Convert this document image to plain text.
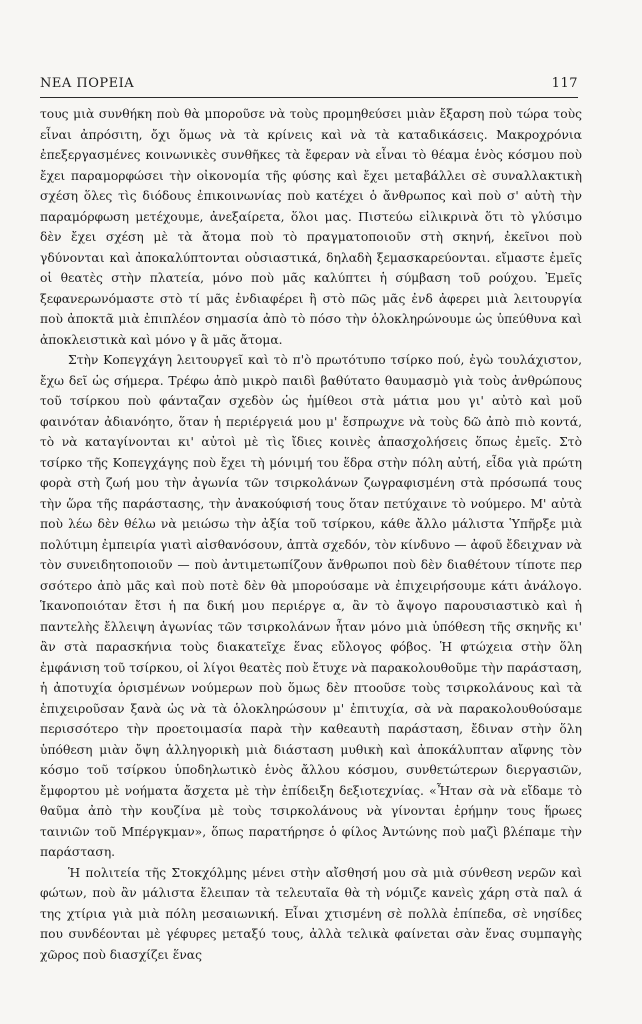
ΝΕΑ ΠΟΡΕΙΑ	117

τους μιὰ συνθήκη ποὺ θὰ μποροῦσε νὰ τοὺς προμηθεύσει μιὰν ἔξαρση ποὺ τώρα τοὺς εἶναι ἀπρόσιτη, ὄχι ὅμως νὰ τὰ κρίνεις καὶ νὰ τὰ καταδικάσεις. Μακροχρόνια ἐπεξεργασμένες κοινωνικὲς συνθῆκες τὰ ἔφεραν νὰ εἶναι τὸ θέαμα ἑνὸς κόσμου ποὺ ἔχει παραμορφώσει τὴν οἰκονομία τῆς φύσης καὶ ἔχει μεταβάλλει σὲ συναλλακτικὴ σχέση ὅλες τὶς διόδους ἐπικοινωνίας ποὺ κατέχει ὁ ἄνθρωπος καὶ ποὺ σ' αὐτὴ τὴν παραμόρφωση μετέχουμε, ἀνεξαίρετα, ὅλοι μας. Πιστεύω εἰλικρινὰ ὅτι τὸ γλύσιμο δὲν ἔχει σχέση μὲ τὰ ἄτομα ποὺ τὸ πραγματοποιοῦν στὴ σκηνή, ἐκεῖνοι ποὺ γδύνονται καὶ ἀποκαλύπτονται οὐσιαστικά, δηλαδὴ ξεμασκαρεύονται. εἴμαστε ἐμεῖς οἱ θεατὲς στὴν πλατεία, μόνο ποὺ μᾶς καλύπτει ἡ σύμβαση τοῦ ρούχου. Ἐμεῖς ξεφανερωνόμαστε στὸ τί μᾶς ἐνδιαφέρει ἢ στὸ πῶς μᾶς ἐνδ ἀφερει μιὰ λειτουργία ποὺ ἀποκτᾶ μιὰ ἐπιπλέον σημασία ἀπὸ τὸ πόσο τὴν ὁλοκληρώνουμε ὡς ὑπεύθυνα καὶ ἀποκλειστικὰ καὶ μόνο γ ἃ μᾶς ἄτομα.

Στὴν Κοπεγχάγη λειτουργεῖ καὶ τὸ π'ὸ πρωτότυπο τσίρκο πού, ἐγὼ τουλάχιστον, ἔχω δεῖ ὡς σήμερα. Τρέφω ἀπὸ μικρὸ παιδὶ βαθύτατο θαυμασμὸ γιὰ τοὺς ἀνθρώπους τοῦ τσίρκου ποὺ φάνταζαν σχεδὸν ὡς ἡμίθεοι στὰ μάτια μου γι' αὐτὸ καὶ μοῦ φαινόταν ἀδιανόητο, ὅταν ἡ περιέργειά μου μ' ἔσπρωχνε νὰ τοὺς δῶ ἀπὸ πιὸ κοντά, τὸ νὰ καταγίνονται κι' αὐτοὶ μὲ τὶς ἴδιες κοινὲς ἀπασχολήσεις ὅπως ἐμεῖς. Στὸ τσίρκο τῆς Κοπεγχάγης ποὺ ἔχει τὴ μόνιμή του ἕδρα στὴν πόλη αὐτή, εἶδα γιὰ πρώτη φορὰ στὴ ζωή μου τὴν ἀγωνία τῶν τσιρκολάνων ζωγραφισμένη στὰ πρόσωπά τους τὴν ὥρα τῆς παράστασης, τὴν ἀνακούφισή τους ὅταν πετύχαινε τὸ νούμερο. Μ' αὐτὰ ποὺ λέω δὲν θέλω νὰ μειώσω τὴν ἀξία τοῦ τσίρκου, κάθε ἄλλο μάλιστα Ὑπῆρξε μιὰ πολύτιμη ἐμπειρία γιατὶ αἰσθανόσουν, ἀπτὰ σχεδόν, τὸν κίνδυνο — ἀφοῦ ἔδειχναν νὰ τὸν συνειδητοποιοῦν — ποὺ ἀντιμετωπίζουν ἄνθρωποι ποὺ δὲν διαθέτουν τίποτε περ σσότερο ἀπὸ μᾶς καὶ ποὺ ποτὲ δὲν θὰ μπορούσαμε νὰ ἐπιχειρήσουμε κάτι ἀνάλογο. Ἱκανοποιόταν ἔτσι ἡ πα δική μου περιέργε α, ἂν τὸ ἄψογο παρουσιαστικὸ καὶ ἡ παντελὴς ἔλλειψη ἀγωνίας τῶν τσιρκολάνων ἦταν μόνο μιὰ ὑπόθεση τῆς σκηνῆς κι' ἂν στὰ παρασκήνια τοὺς διακατεῖχε ἕνας εὔλογος φόβος. Ἡ φτώχεια στὴν ὅλη ἐμφάνιση τοῦ τσίρκου, οἱ λίγοι θεατὲς ποὺ ἔτυχε νὰ παρακολουθοῦμε τὴν παράσταση, ἡ ἀποτυχία ὁρισμένων νούμερων ποὺ ὅμως δὲν πτοοῦσε τοὺς τσιρκολάνους καὶ τὰ ἐπιχειροῦσαν ξανὰ ὡς νὰ τὰ ὁλοκληρώσουν μ' ἐπιτυχία, σὰ νὰ παρακολουθούσαμε περισσότερο τὴν προετοιμασία παρὰ τὴν καθεαυτὴ παράσταση, ἔδιναν στὴν ὅλη ὑπόθεση μιὰν ὄψη ἀλληγορικὴ μιὰ διάσταση μυθικὴ καὶ ἀποκάλυπταν αἴφνης τὸν κόσμο τοῦ τσίρκου ὑποδηλωτικὸ ἑνὸς ἄλλου κόσμου, συνθετώτερων διεργασιῶν, ἔμφορτου μὲ νοήματα ἄσχετα μὲ τὴν ἐπίδειξη δεξιοτεχνίας. «Ἦταν σὰ νὰ εἴδαμε τὸ θαῦμα ἀπὸ τὴν κουζίνα μὲ τοὺς τσιρκολάνους νὰ γίνονται ἐρήμην τους ἥρωες ταινιῶν τοῦ Μπέργκμαν», ὅπως παρατήρησε ὁ φίλος Ἀντώνης ποὺ μαζὶ βλέπαμε τὴν παράσταση.

Ἡ πολιτεία τῆς Στοκχόλμης μένει στὴν αἴσθησή μου σὰ μιὰ σύνθεση νερῶν καὶ φώτων, ποὺ ἂν μάλιστα ἔλειπαν τὰ τελευταῖα θὰ τὴ νόμιζε κανεὶς χάρη στὰ παλ ά της χτίρια γιὰ μιὰ πόλη μεσαιωνική. Εἶναι χτισμένη σὲ πολλὰ ἐπίπεδα, σὲ νησίδες που συνδέονται μὲ γέφυρες μεταξύ τους, ἀλλὰ τελικὰ φαίνεται σὰν ἕνας συμπαγὴς χῶρος ποὺ διασχίζει ἕνας
